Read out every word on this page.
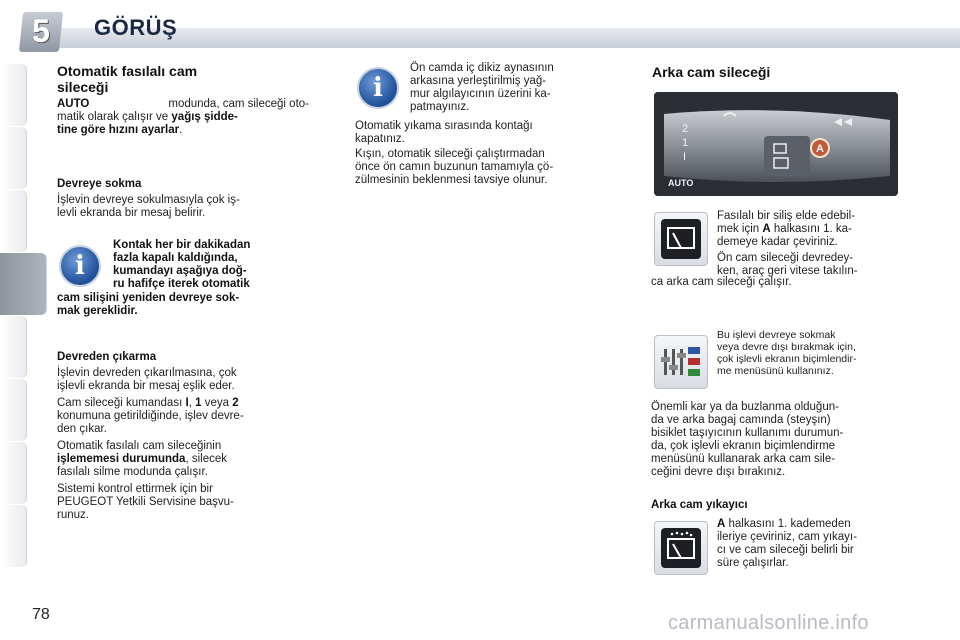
5	GÖRÜŞ
Otomatik fasılalı cam
sileceği
AUTO	modunda, cam sileceği oto-
matik olarak çalışır ve yağış şidde-
tine göre hızını ayarlar.
Devreye sokma
İşlevin devreye sokulmasıyla çok iş-
levli ekranda bir mesaj belirir.
i
Kontak her bir dakikadan
fazla kapalı kaldığında,
kumandayı aşağıya doğ-
ru hafifçe iterek otomatik
cam silişini yeniden devreye sok-
mak gereklidir.
Devreden çıkarma
İşlevin devreden çıkarılmasına, çok
işlevli ekranda bir mesaj eşlik eder.
Cam sileceği kumandası I, 1 veya 2
konumuna getirildiğinde, işlev devre-
den çıkar.
Otomatik fasılalı cam sileceğinin
işlememesi durumunda, silecek
fasılalı silme modunda çalışır.
Sistemi kontrol ettirmek için bir
PEUGEOT Yetkili Servisine başvu-
runuz.
i
Ön camda iç dikiz aynasının
arkasına yerleştirilmiş yağ-
mur algılayıcının üzerini ka-
patmayınız.
Otomatik yıkama sırasında kontağı
kapatınız.
Kışın, otomatik sileceği çalıştırmadan
önce ön camın buzunun tamamıyla çö-
zülmesinin beklenmesi tavsiye olunur.
Arka cam sileceği
A
2
1
I
AUTO
Fasılalı bir siliş elde edebil-
mek için A halkasını 1. ka-
demeye kadar çeviriniz.
Ön cam sileceği devredey-
ken, araç geri vitese takılın-
ca arka cam sileceği çalışır.
Bu işlevi devreye sokmak
veya devre dışı bırakmak için,
çok işlevli ekranın biçimlendir-
me menüsünü kullanınız.
Önemli kar ya da buzlanma olduğun-
da ve arka bagaj camında (steyşın)
bisiklet taşıyıcının kullanımı durumun-
da, çok işlevli ekranın biçimlendirme
menüsünü kullanarak arka cam sile-
ceğini devre dışı bırakınız.
Arka cam yıkayıcı
A halkasını 1. kademeden
ileriye çeviriniz, cam yıkayı-
cı ve cam sileceği belirli bir
süre çalışırlar.
78	carmanualsonline.info
